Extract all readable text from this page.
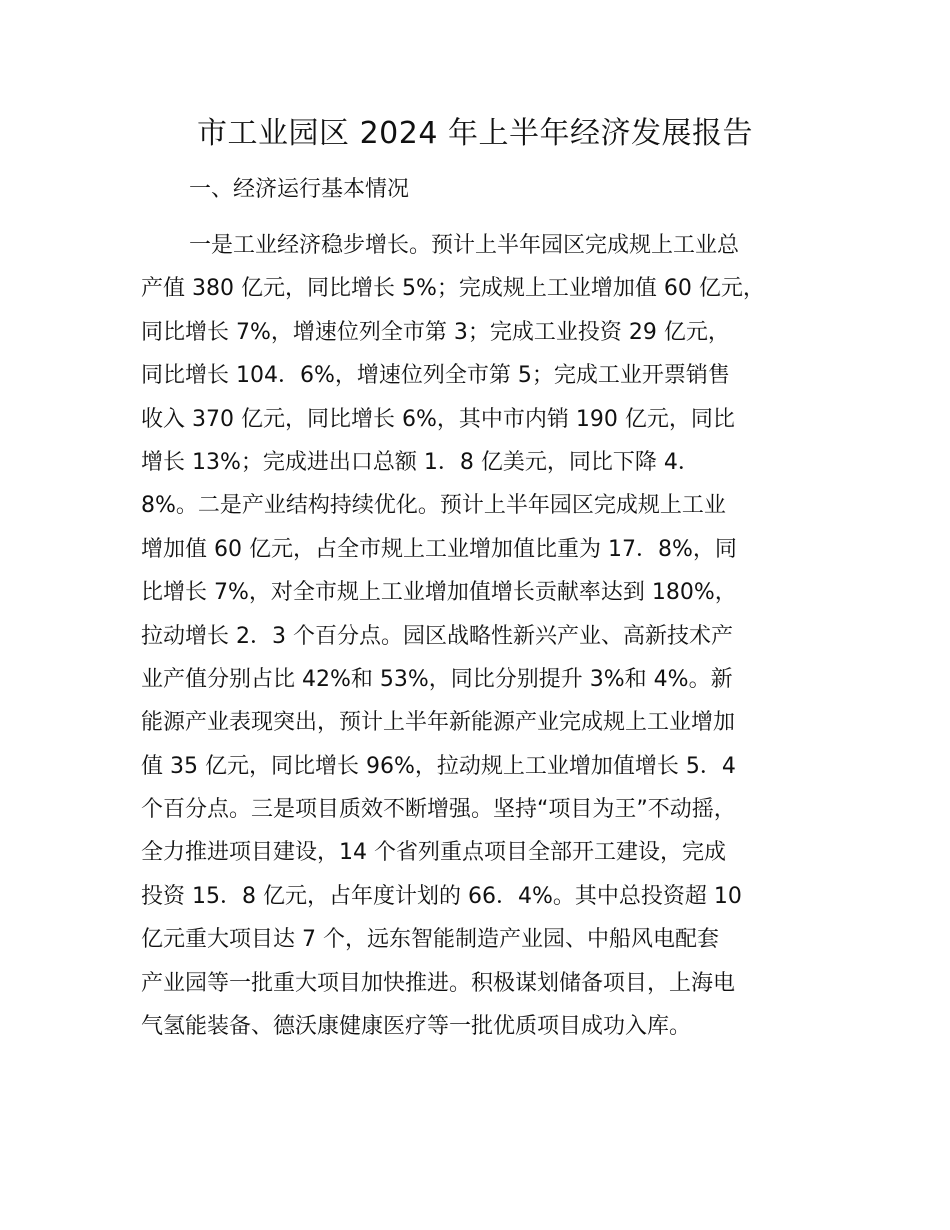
市工业园区 2024 年上半年经济发展报告
一、经济运行基本情况
一是工业经济稳步增长。预计上半年园区完成规上工业总
产值 380 亿元，同比增长 5%；完成规上工业增加值 60 亿元，
同比增长 7%，增速位列全市第 3；完成工业投资 29 亿元，
同比增长 104．6%，增速位列全市第 5；完成工业开票销售
收入 370 亿元，同比增长 6%，其中市内销 190 亿元，同比
增长 13%；完成进出口总额 1．8 亿美元，同比下降 4．
8%。二是产业结构持续优化。预计上半年园区完成规上工业
增加值 60 亿元，占全市规上工业增加值比重为 17．8%，同
比增长 7%，对全市规上工业增加值增长贡献率达到 180%，
拉动增长 2．3 个百分点。园区战略性新兴产业、高新技术产
业产值分别占比 42%和 53%，同比分别提升 3%和 4%。新
能源产业表现突出，预计上半年新能源产业完成规上工业增加
值 35 亿元，同比增长 96%，拉动规上工业增加值增长 5．4
个百分点。三是项目质效不断增强。坚持“项目为王”不动摇，
全力推进项目建设，14 个省列重点项目全部开工建设，完成
投资 15．8 亿元，占年度计划的 66．4%。其中总投资超 10
亿元重大项目达 7 个，远东智能制造产业园、中船风电配套
产业园等一批重大项目加快推进。积极谋划储备项目，上海电
气氢能装备、德沃康健康医疗等一批优质项目成功入库。
